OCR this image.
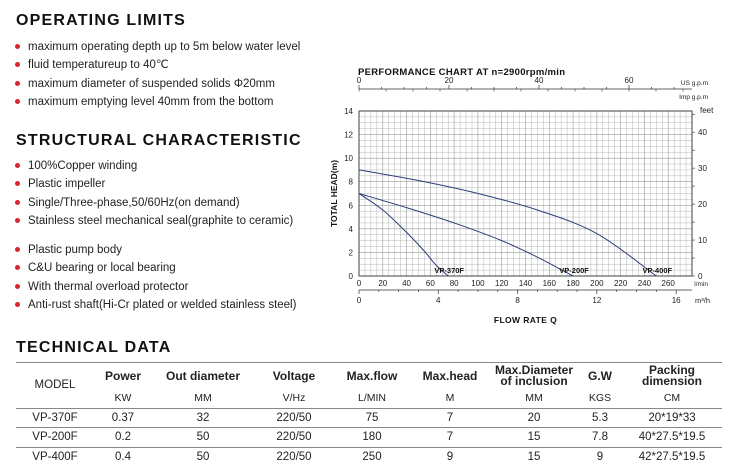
OPERATING LIMITS
maximum operating depth up to 5m below water level
fluid temperatureup to 40℃
maximum diameter of suspended solids Φ20mm
maximum emptying level 40mm from the bottom
STRUCTURAL CHARACTERISTIC
100%Copper winding
Plastic impeller
Single/Three-phase,50/60Hz(on demand)
Stainless steel mechanical seal(graphite to ceramic)
Plastic pump body
C&U bearing or local bearing
With thermal overload protector
Anti-rust shaft(Hi-Cr plated or welded stainless steel)
PERFORMANCE CHART AT n=2900rpm/min
0	20	40	60	US g.p.m
Imp g.p.m
0
2
4
6
8
10
12
14
TOTAL HEAD(m)
0
10
20
30
40
feet
0 20 40 60 80 100 120 140 160 180 200 220 240 260	l/min
0	4	8	12	16 m³/h
FLOW RATE Q
VP-370F	VP-200F	VP-400F
TECHNICAL DATA
MODEL	Power	Out diameter	Voltage	Max.flow	Max.head	Max.Diameter
of inclusion	G.W	Packing dimension
	KW	MM	V/Hz	L/MIN	M	MM	KGS	CM
VP-370F	0.37	32	220/50	75	7	20	5.3	20*19*33
VP-200F	0.2	50	220/50	180	7	15	7.8	40*27.5*19.5
VP-400F	0.4	50	220/50	250	9	15	9	42*27.5*19.5
